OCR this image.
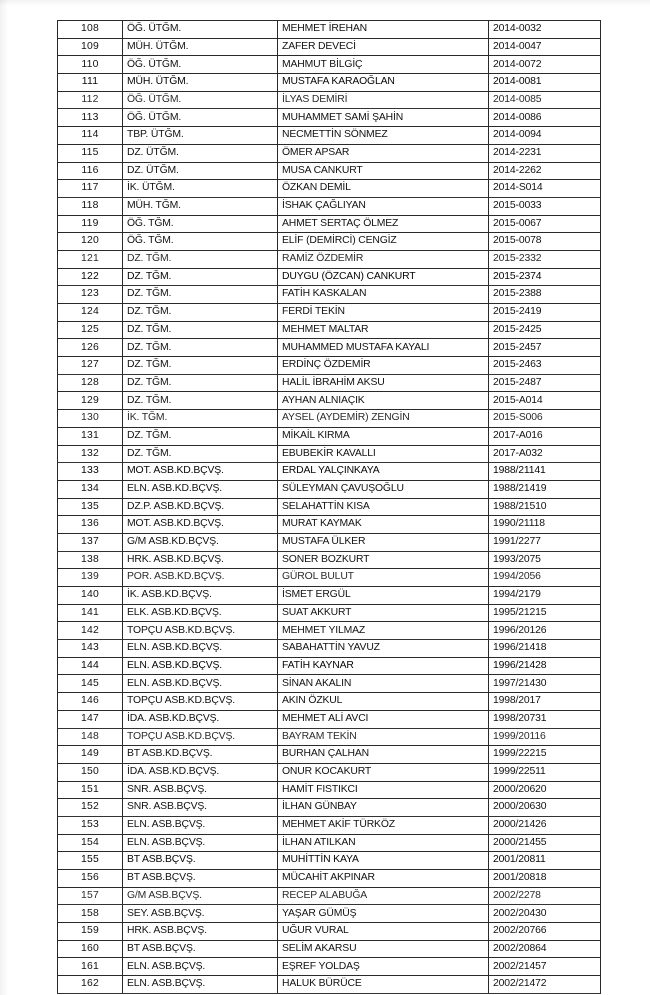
108	ÖĞ. ÜTĞM.	MEHMET İREHAN	2014-0032
109	MÜH. ÜTĞM.	ZAFER DEVECİ	2014-0047
110	ÖĞ. ÜTĞM.	MAHMUT BİLGİÇ	2014-0072
111	MÜH. ÜTĞM.	MUSTAFA KARAOĞLAN	2014-0081
112	ÖĞ. ÜTĞM.	İLYAS DEMİRİ	2014-0085
113	ÖĞ. ÜTĞM.	MUHAMMET SAMİ ŞAHİN	2014-0086
114	TBP. ÜTĞM.	NECMETTİN SÖNMEZ	2014-0094
115	DZ. ÜTĞM.	ÖMER APSAR	2014-2231
116	DZ. ÜTĞM.	MUSA CANKURT	2014-2262
117	İK. ÜTĞM.	ÖZKAN DEMİL	2014-S014
118	MÜH. TĞM.	İSHAK ÇAĞLIYAN	2015-0033
119	ÖĞ. TĞM.	AHMET SERTAÇ ÖLMEZ	2015-0067
120	ÖĞ. TĞM.	ELİF (DEMİRCİ) CENGİZ	2015-0078
121	DZ. TĞM.	RAMİZ ÖZDEMİR	2015-2332
122	DZ. TĞM.	DUYGU (ÖZCAN) CANKURT	2015-2374
123	DZ. TĞM.	FATİH KASKALAN	2015-2388
124	DZ. TĞM.	FERDİ TEKİN	2015-2419
125	DZ. TĞM.	MEHMET MALTAR	2015-2425
126	DZ. TĞM.	MUHAMMED MUSTAFA KAYALI	2015-2457
127	DZ. TĞM.	ERDİNÇ ÖZDEMİR	2015-2463
128	DZ. TĞM.	HALİL İBRAHİM AKSU	2015-2487
129	DZ. TĞM.	AYHAN ALNIAÇIK	2015-A014
130	İK. TĞM.	AYSEL (AYDEMİR) ZENGİN	2015-S006
131	DZ. TĞM.	MİKAİL KIRMA	2017-A016
132	DZ. TĞM.	EBUBEKİR KAVALLI	2017-A032
133	MOT. ASB.KD.BÇVŞ.	ERDAL YALÇINKAYA	1988/21141
134	ELN. ASB.KD.BÇVŞ.	SÜLEYMAN ÇAVUŞOĞLU	1988/21419
135	DZ.P. ASB.KD.BÇVŞ.	SELAHATTİN KISA	1988/21510
136	MOT. ASB.KD.BÇVŞ.	MURAT KAYMAK	1990/21118
137	G/M ASB.KD.BÇVŞ.	MUSTAFA ÜLKER	1991/2277
138	HRK. ASB.KD.BÇVŞ.	SONER BOZKURT	1993/2075
139	POR. ASB.KD.BÇVŞ.	GÜROL BULUT	1994/2056
140	İK. ASB.KD.BÇVŞ.	İSMET ERGÜL	1994/2179
141	ELK. ASB.KD.BÇVŞ.	SUAT AKKURT	1995/21215
142	TOPÇU ASB.KD.BÇVŞ.	MEHMET YILMAZ	1996/20126
143	ELN. ASB.KD.BÇVŞ.	SABAHATTİN YAVUZ	1996/21418
144	ELN. ASB.KD.BÇVŞ.	FATİH KAYNAR	1996/21428
145	ELN. ASB.KD.BÇVŞ.	SİNAN AKALIN	1997/21430
146	TOPÇU ASB.KD.BÇVŞ.	AKIN ÖZKUL	1998/2017
147	İDA. ASB.KD.BÇVŞ.	MEHMET ALİ AVCI	1998/20731
148	TOPÇU ASB.KD.BÇVŞ.	BAYRAM TEKİN	1999/20116
149	BT ASB.KD.BÇVŞ.	BURHAN ÇALHAN	1999/22215
150	İDA. ASB.KD.BÇVŞ.	ONUR KOCAKURT	1999/22511
151	SNR. ASB.BÇVŞ.	HAMİT FISTIKCI	2000/20620
152	SNR. ASB.BÇVŞ.	İLHAN GÜNBAY	2000/20630
153	ELN. ASB.BÇVŞ.	MEHMET AKİF TÜRKÖZ	2000/21426
154	ELN. ASB.BÇVŞ.	İLHAN ATILKAN	2000/21455
155	BT ASB.BÇVŞ.	MUHİTTİN KAYA	2001/20811
156	BT ASB.BÇVŞ.	MÜCAHİT AKPINAR	2001/20818
157	G/M ASB.BÇVŞ.	RECEP ALABUĞA	2002/2278
158	SEY. ASB.BÇVŞ.	YAŞAR GÜMÜŞ	2002/20430
159	HRK. ASB.BÇVŞ.	UĞUR VURAL	2002/20766
160	BT ASB.BÇVŞ.	SELİM AKARSU	2002/20864
161	ELN. ASB.BÇVŞ.	EŞREF YOLDAŞ	2002/21457
162	ELN. ASB.BÇVŞ.	HALUK BÜRÜCE	2002/21472
